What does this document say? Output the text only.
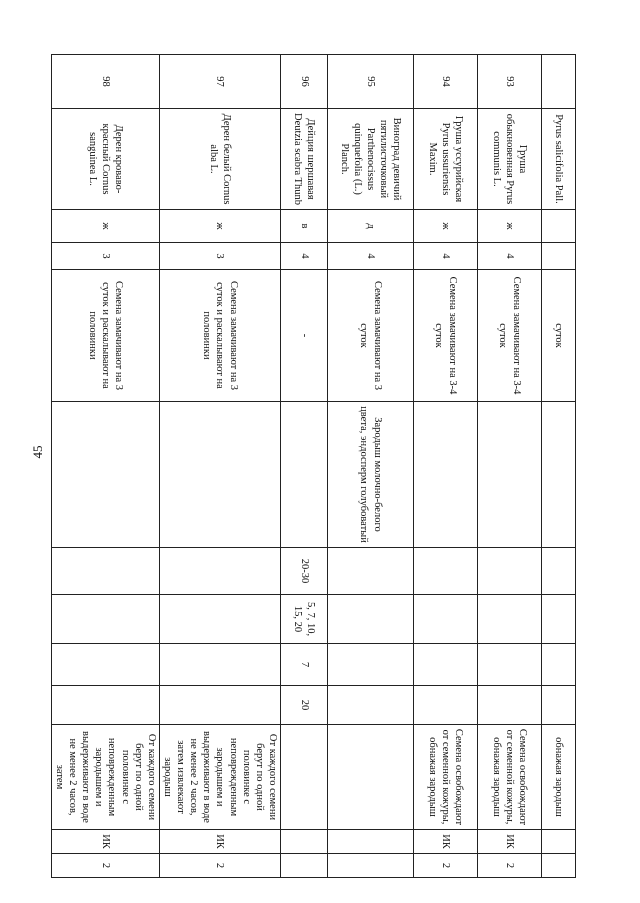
45
	Pyrus salicifolia Pall.			суток						обнажая зародыш		
93	Груша обыкновенная Pyrus communis L.	ж	4	Семена замачивают на 3-4 суток						Семена освобождают от семенной кожуры, обнажая зародыш	ИК	2
94	Груша уссурийская Pyrus ussuriensis Maxim.	ж	4	Семена замачивают на 3-4 суток						Семена освобождают от семенной кожуры, обнажая зародыш	ИК	2
95	Виноград девичий пятилисточковый Parthenocissus quinquefolia (L.) Planch.	д	4	Семена замачивают на 3 суток	Зародыш молочно-белого цвета, эндосперм голубоватый							
96	Дейция шершавая Deutzia scabra Thunb	в	4	-		20-30	5, 7, 10, 15, 20	7	20			
97	Дерен белый Cornus alba L.	ж	3	Семена замачивают на 3 суток и раскалывают на половинки						От каждого семени берут по одной половинке с неповрежденным зародышем и выдерживают в воде не менее 2 часов, затем извлекают зародыш	ИК	2
98	Дерен кроваво-красный Cornus sanguinea L.	ж	3	Семена замачивают на 3 суток и раскалывают на половинки						От каждого семени берут по одной половинке с неповрежденным зародышем и выдерживают в воде не менее 2 часов, затем	ИК	2
